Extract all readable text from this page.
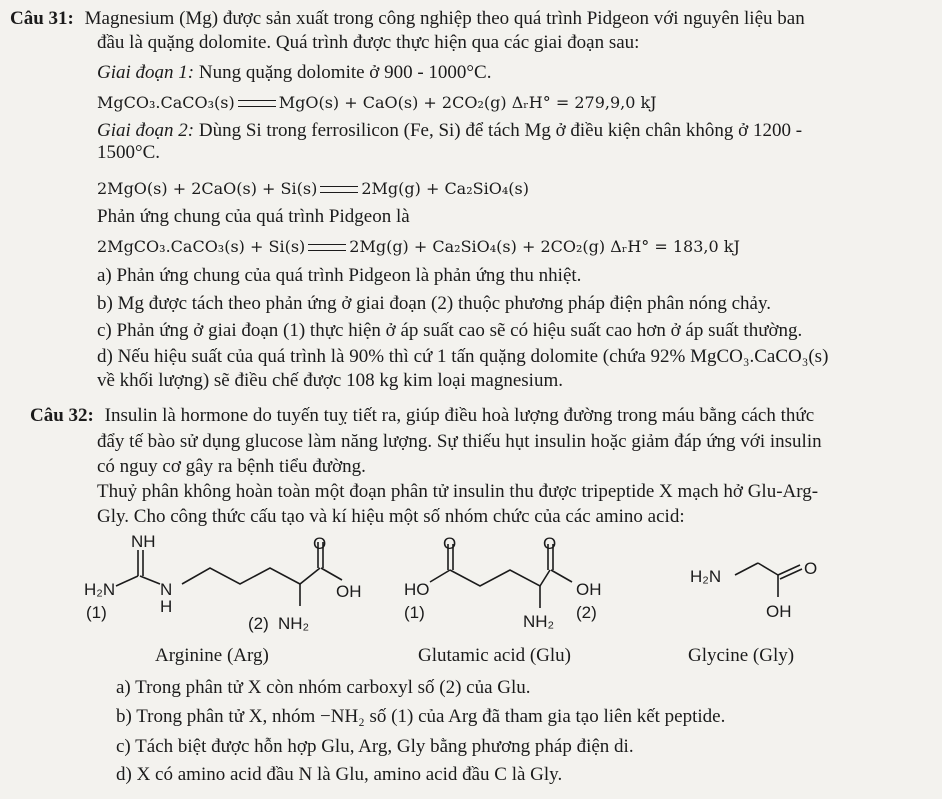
Câu 31: Magnesium (Mg) được sản xuất trong công nghiệp theo quá trình Pidgeon với nguyên liệu ban
đầu là quặng dolomite. Quá trình được thực hiện qua các giai đoạn sau:
Giai đoạn 1: Nung quặng dolomite ở 900 - 1000°C.
MgCO₃.CaCO₃(s)	MgO(s) + CaO(s) + 2CO₂(g) ΔᵣH° = 279,9,0 kJ
Giai đoạn 2: Dùng Si trong ferrosilicon (Fe, Si) để tách Mg ở điều kiện chân không ở 1200 -
1500°C.
2MgO(s) + 2CaO(s) + Si(s)	2Mg(g) + Ca₂SiO₄(s)
Phản ứng chung của quá trình Pidgeon là
2MgCO₃.CaCO₃(s) + Si(s)	2Mg(g) + Ca₂SiO₄(s) + 2CO₂(g) ΔᵣH° = 183,0 kJ
a) Phản ứng chung của quá trình Pidgeon là phản ứng thu nhiệt.
b) Mg được tách theo phản ứng ở giai đoạn (2) thuộc phương pháp điện phân nóng chảy.
c) Phản ứng ở giai đoạn (1) thực hiện ở áp suất cao sẽ có hiệu suất cao hơn ở áp suất thường.
d) Nếu hiệu suất của quá trình là 90% thì cứ 1 tấn quặng dolomite (chứa 92% MgCO₃.CaCO₃(s)
về khối lượng) sẽ điều chế được 108 kg kim loại magnesium.
Câu 32: Insulin là hormone do tuyến tuỵ tiết ra, giúp điều hoà lượng đường trong máu bằng cách thức
đẩy tế bào sử dụng glucose làm năng lượng. Sự thiếu hụt insulin hoặc giảm đáp ứng với insulin
có nguy cơ gây ra bệnh tiểu đường.
Thuỷ phân không hoàn toàn một đoạn phân tử insulin thu được tripeptide X mạch hở Glu-Arg-
Gly. Cho công thức cấu tạo và kí hiệu một số nhóm chức của các amino acid:
NH	O
H₂N	N
H
OH
(1)
(2) NH₂
Arginine (Arg)
O	O
HO	OH
(1)	NH₂ (2)
Glutamic acid (Glu)
H₂N	O
OH
Glycine (Gly)
a) Trong phân tử X còn nhóm carboxyl số (2) của Glu.
b) Trong phân tử X, nhóm −NH₂ số (1) của Arg đã tham gia tạo liên kết peptide.
c) Tách biệt được hỗn hợp Glu, Arg, Gly bằng phương pháp điện di.
d) X có amino acid đầu N là Glu, amino acid đầu C là Gly.
